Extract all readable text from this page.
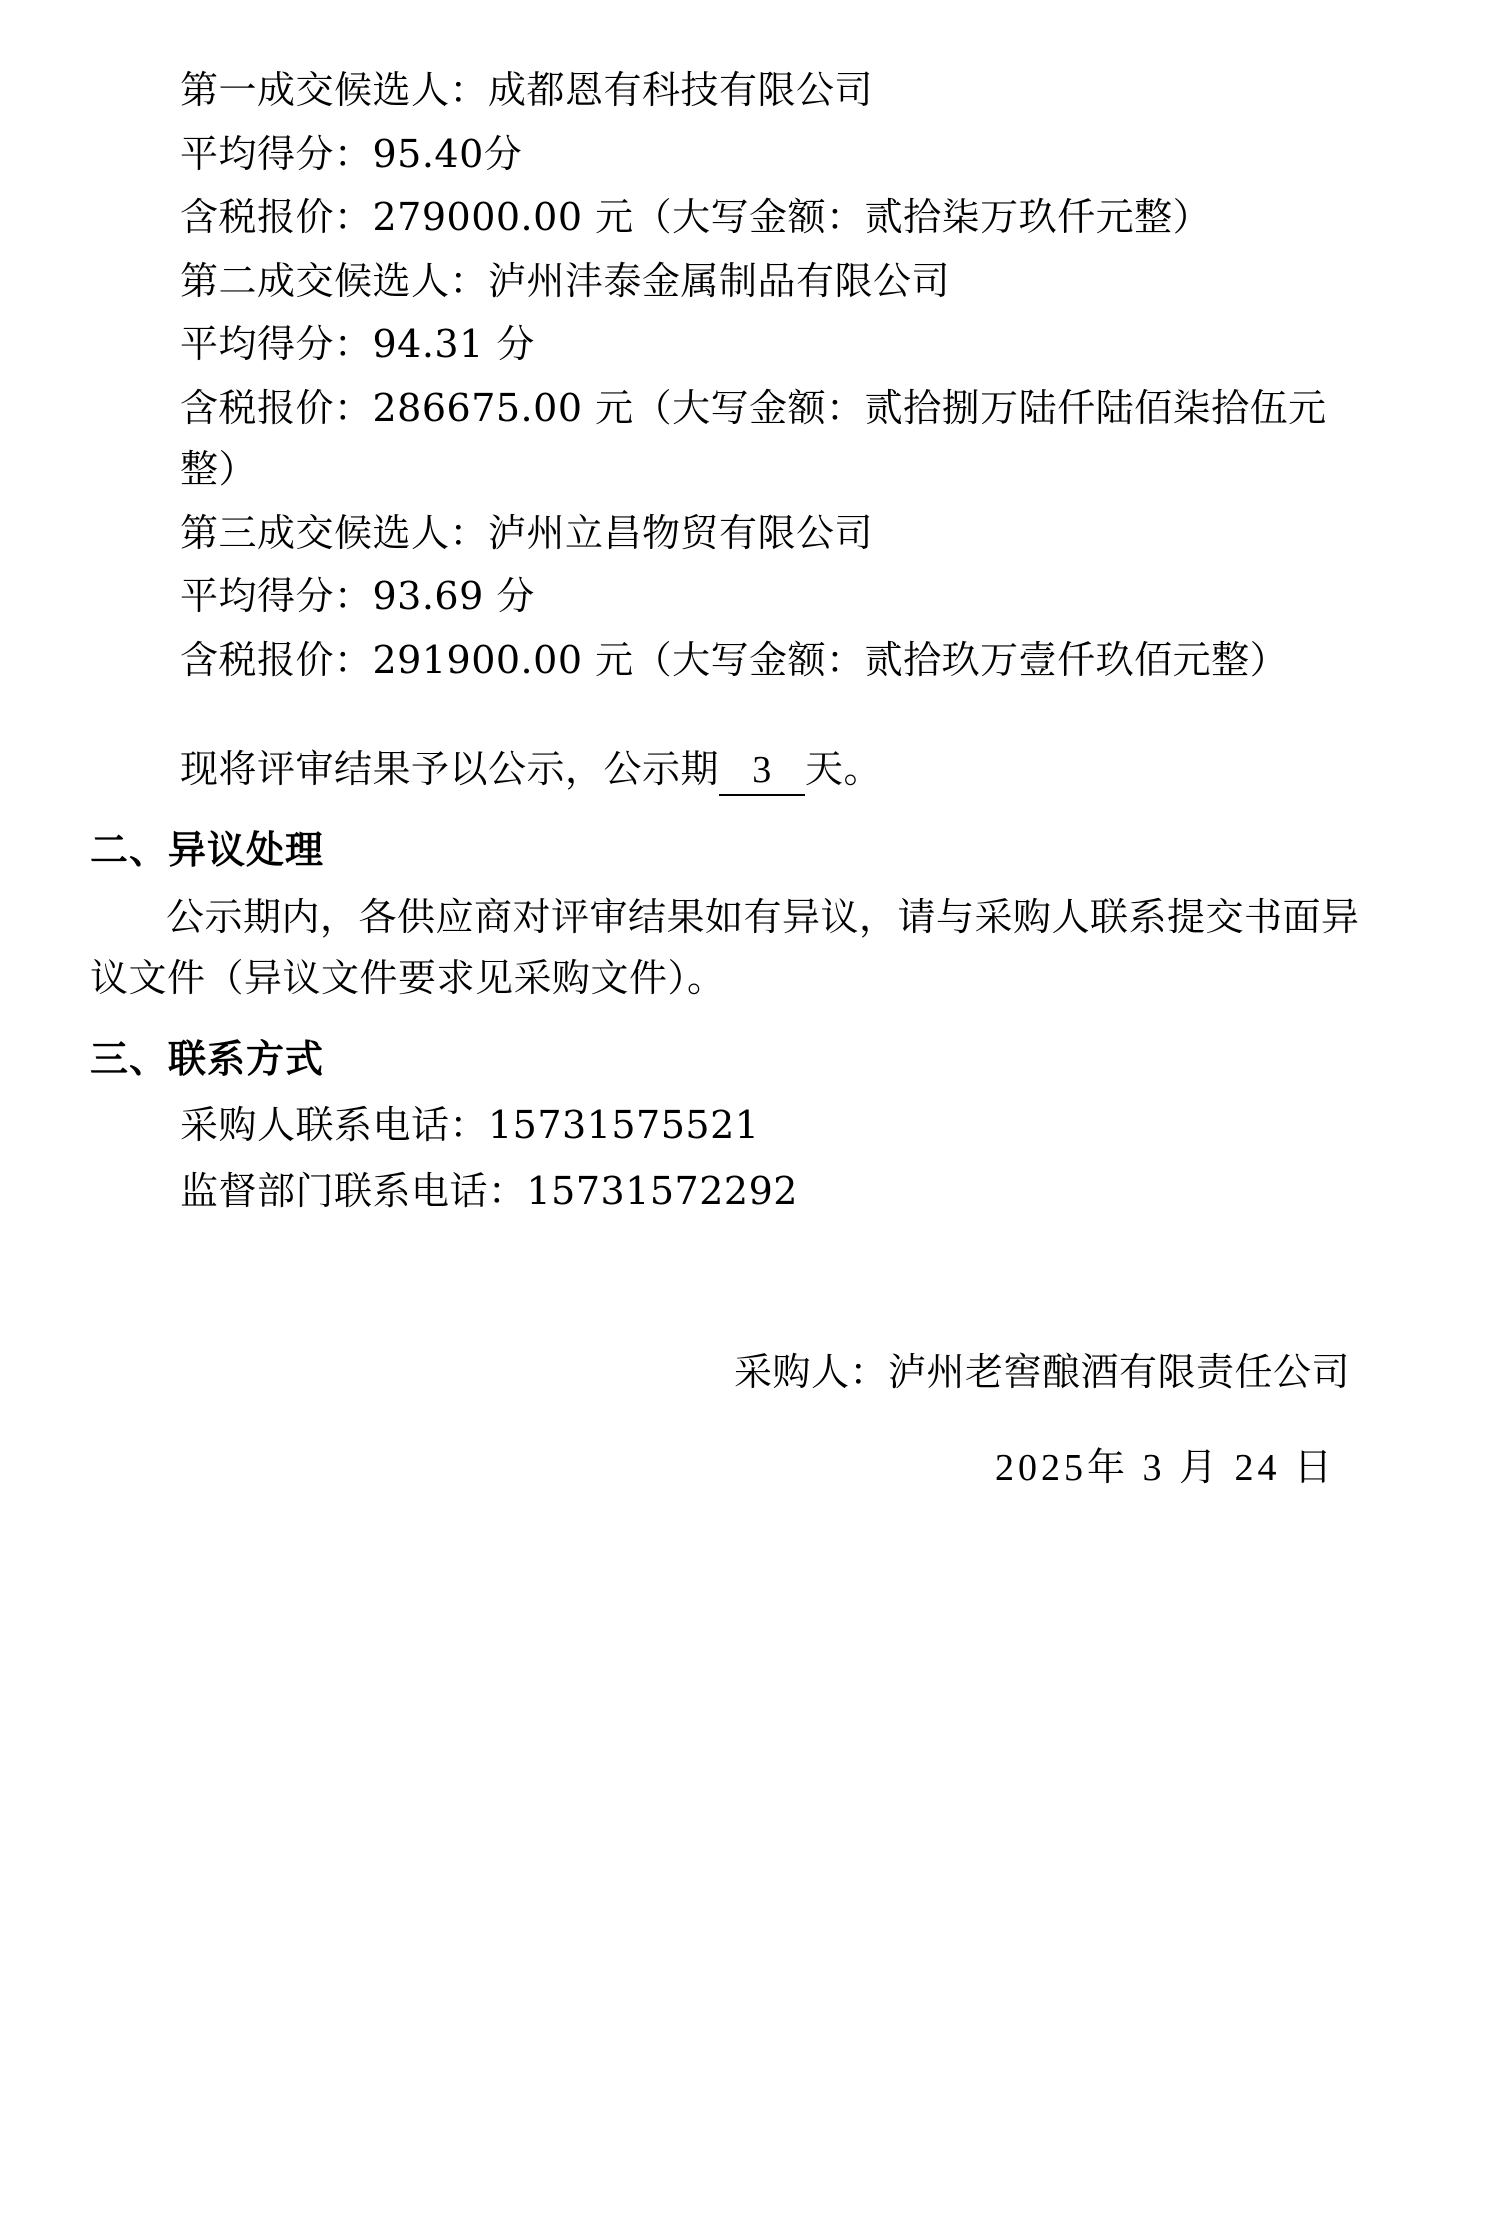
第一成交候选人：成都恩有科技有限公司

平均得分：95.40分

含税报价：279000.00 元（大写金额：贰拾柒万玖仟元整）

第二成交候选人：泸州沣泰金属制品有限公司

平均得分：94.31 分

含税报价：286675.00 元（大写金额：贰拾捌万陆仟陆佰柒拾伍元整）

第三成交候选人：泸州立昌物贸有限公司

平均得分：93.69 分

含税报价：291900.00 元（大写金额：贰拾玖万壹仟玖佰元整）

现将评审结果予以公示，公示期 3 天。

二、异议处理

公示期内，各供应商对评审结果如有异议，请与采购人联系提交书面异议文件（异议文件要求见采购文件）。

三、联系方式

采购人联系电话：15731575521

监督部门联系电话：15731572292

采购人：泸州老窖酿酒有限责任公司

2025年 3 月 24 日
